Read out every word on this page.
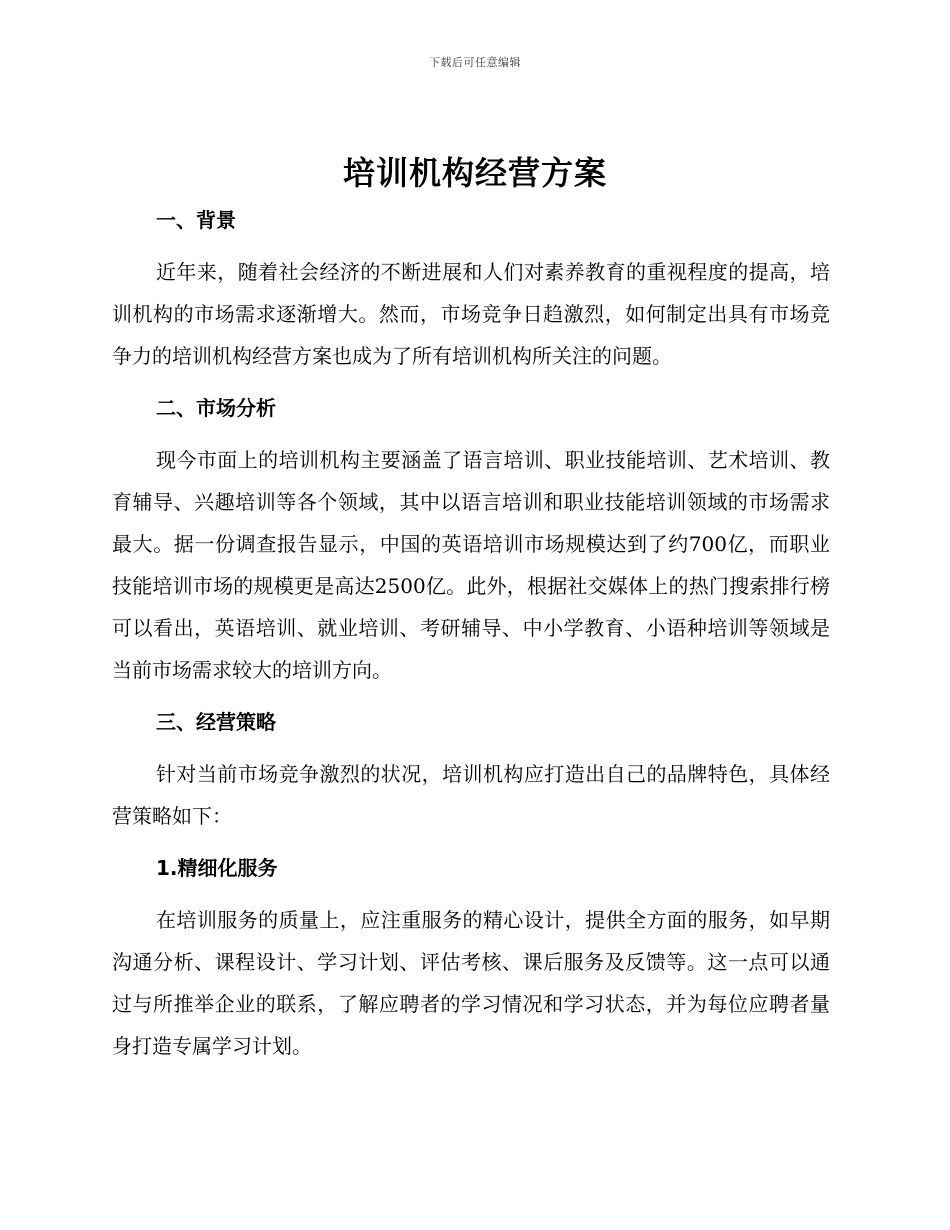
下载后可任意编辑
培训机构经营方案
一、背景

近年来，随着社会经济的不断进展和人们对素养教育的重视程度的提高，培训机构的市场需求逐渐增大。然而，市场竞争日趋激烈，如何制定出具有市场竞争力的培训机构经营方案也成为了所有培训机构所关注的问题。

二、市场分析

现今市面上的培训机构主要涵盖了语言培训、职业技能培训、艺术培训、教育辅导、兴趣培训等各个领域，其中以语言培训和职业技能培训领域的市场需求最大。据一份调查报告显示，中国的英语培训市场规模达到了约700亿，而职业技能培训市场的规模更是高达2500亿。此外，根据社交媒体上的热门搜索排行榜可以看出，英语培训、就业培训、考研辅导、中小学教育、小语种培训等领域是当前市场需求较大的培训方向。

三、经营策略

针对当前市场竞争激烈的状况，培训机构应打造出自己的品牌特色，具体经营策略如下：

1.精细化服务

在培训服务的质量上，应注重服务的精心设计，提供全方面的服务，如早期沟通分析、课程设计、学习计划、评估考核、课后服务及反馈等。这一点可以通过与所推举企业的联系，了解应聘者的学习情况和学习状态，并为每位应聘者量身打造专属学习计划。
